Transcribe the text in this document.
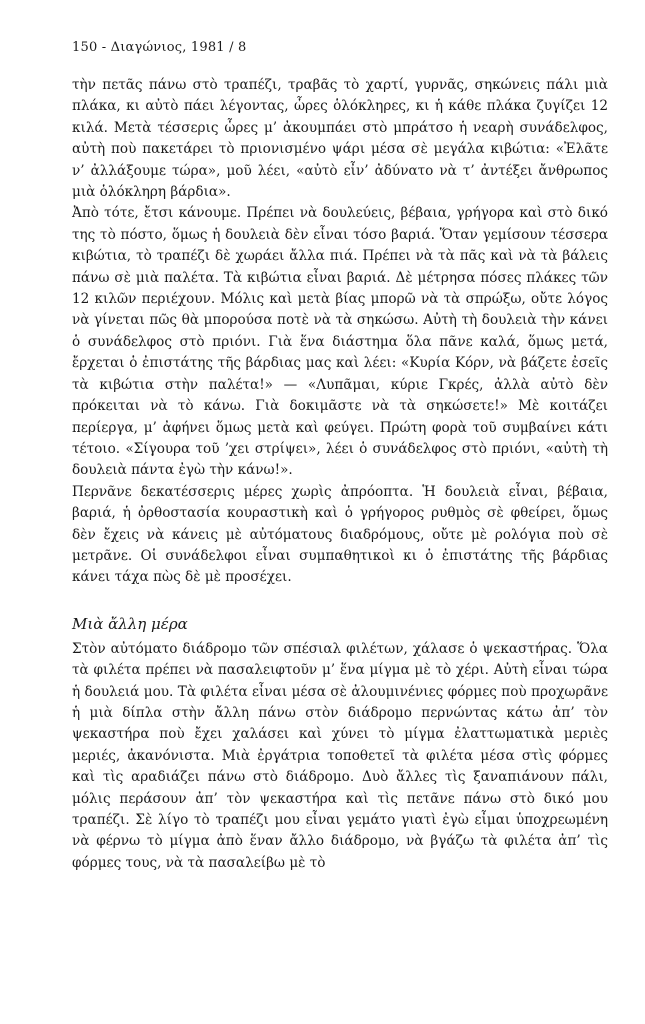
150 - Διαγώνιος, 1981 / 8

τὴν πετᾶς πάνω στὸ τραπέζι, τραβᾶς τὸ χαρτί, γυρνᾶς, σηκώνεις πάλι μιὰ πλάκα, κι αὐτὸ πάει λέγοντας, ὧρες ὁλόκληρες, κι ἡ κάθε πλάκα ζυγίζει 12 κιλά. Μετὰ τέσσερις ὧρες μ’ ἀκουμπάει στὸ μπράτσο ἡ νεαρὴ συνάδελφος, αὐτὴ ποὺ πακετάρει τὸ πριονισμένο ψάρι μέσα σὲ μεγάλα κιβώτια: «Ἐλᾶτε ν’ ἀλλάξουμε τώρα», μοῦ λέει, «αὐτὸ εἶν’ ἀδύνατο νὰ τ’ ἀντέξει ἄνθρωπος μιὰ ὁλόκληρη βάρδια».

Ἀπὸ τότε, ἔτσι κάνουμε. Πρέπει νὰ δουλεύεις, βέβαια, γρήγορα καὶ στὸ δικό της τὸ πόστο, ὅμως ἡ δουλειὰ δὲν εἶναι τόσο βαριά. Ὅταν γεμίσουν τέσσερα κιβώτια, τὸ τραπέζι δὲ χωράει ἄλλα πιά. Πρέπει νὰ τὰ πᾶς καὶ νὰ τὰ βάλεις πάνω σὲ μιὰ παλέτα. Τὰ κιβώτια εἶναι βαριά. Δὲ μέτρησα πόσες πλάκες τῶν 12 κιλῶν περιέχουν. Μόλις καὶ μετὰ βίας μπορῶ νὰ τὰ σπρώξω, οὔτε λόγος νὰ γίνεται πῶς θὰ μπορούσα ποτὲ νὰ τὰ σηκώσω. Αὐτὴ τὴ δουλειὰ τὴν κάνει ὁ συνάδελφος στὸ πριόνι. Γιὰ ἕνα διάστημα ὅλα πᾶνε καλά, ὅμως μετά, ἔρχεται ὁ ἐπιστάτης τῆς βάρδιας μας καὶ λέει: «Κυρία Κόρν, νὰ βάζετε ἐσεῖς τὰ κιβώτια στὴν παλέτα!» — «Λυπᾶμαι, κύριε Γκρές, ἀλλὰ αὐτὸ δὲν πρόκειται νὰ τὸ κάνω. Γιὰ δοκιμᾶστε νὰ τὰ σηκώσετε!» Μὲ κοιτάζει περίεργα, μ’ ἀφήνει ὅμως μετὰ καὶ φεύγει. Πρώτη φορὰ τοῦ συμβαίνει κάτι τέτοιο. «Σίγουρα τοῦ ’χει στρίψει», λέει ὁ συνάδελφος στὸ πριόνι, «αὐτὴ τὴ δουλειὰ πάντα ἐγὼ τὴν κάνω!».

Περνᾶνε δεκατέσσερις μέρες χωρὶς ἀπρόοπτα. Ἡ δουλειὰ εἶναι, βέβαια, βαριά, ἡ ὀρθοστασία κουραστικὴ καὶ ὁ γρήγορος ρυθμὸς σὲ φθείρει, ὅμως δὲν ἔχεις νὰ κάνεις μὲ αὐτόματους διαδρόμους, οὔτε μὲ ρολόγια ποὺ σὲ μετρᾶνε. Οἱ συνάδελφοι εἶναι συμπαθητικοὶ κι ὁ ἐπιστάτης τῆς βάρδιας κάνει τάχα πὼς δὲ μὲ προσέχει.

Μιὰ ἄλλη μέρα

Στὸν αὐτόματο διάδρομο τῶν σπέσιαλ φιλέτων, χάλασε ὁ ψεκαστήρας. Ὅλα τὰ φιλέτα πρέπει νὰ πασαλειφτοῦν μ’ ἕνα μίγμα μὲ τὸ χέρι. Αὐτὴ εἶναι τώρα ἡ δουλειά μου. Τὰ φιλέτα εἶναι μέσα σὲ ἀλουμινένιες φόρμες ποὺ προχωρᾶνε ἡ μιὰ δίπλα στὴν ἄλλη πάνω στὸν διάδρομο περνώντας κάτω ἀπ’ τὸν ψεκαστήρα ποὺ ἔχει χαλάσει καὶ χύνει τὸ μίγμα ἐλαττωματικὰ μεριὲς μεριές, ἀκανόνιστα. Μιὰ ἐργάτρια τοποθετεῖ τὰ φιλέτα μέσα στὶς φόρμες καὶ τὶς αραδιάζει πάνω στὸ διάδρομο. Δυὸ ἄλλες τὶς ξαναπιάνουν πάλι, μόλις περάσουν ἀπ’ τὸν ψεκαστήρα καὶ τὶς πετᾶνε πάνω στὸ δικό μου τραπέζι. Σὲ λίγο τὸ τραπέζι μου εἶναι γεμάτο γιατὶ ἐγὼ εἶμαι ὑποχρεωμένη νὰ φέρνω τὸ μίγμα ἀπὸ ἕναν ἄλλο διάδρομο, νὰ βγάζω τὰ φιλέτα ἀπ’ τὶς φόρμες τους, νὰ τὰ πασαλείβω μὲ τὸ
